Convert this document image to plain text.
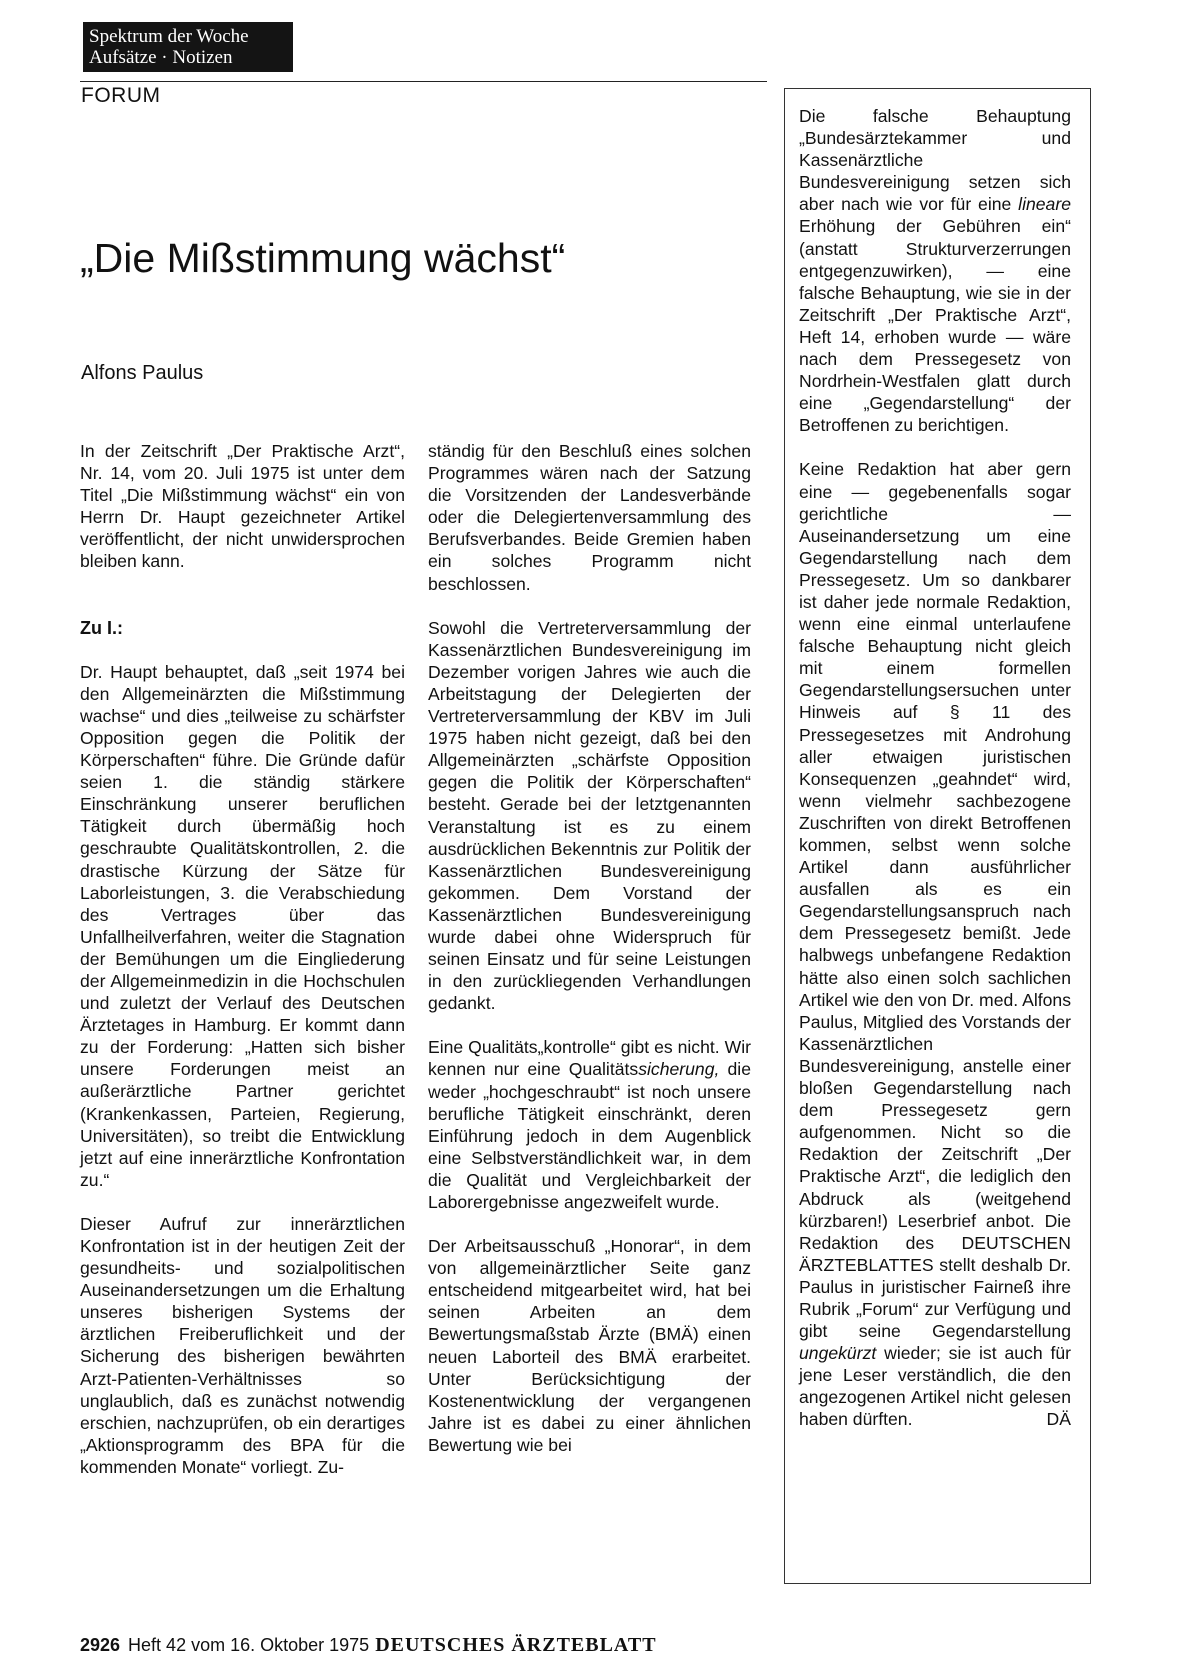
Spektrum der Woche
Aufsätze · Notizen
FORUM
„Die Mißstimmung wächst“
Alfons Paulus

In der Zeitschrift „Der Praktische Arzt“, Nr. 14, vom 20. Juli 1975 ist unter dem Titel „Die Mißstimmung wächst“ ein von Herrn Dr. Haupt gezeichneter Artikel veröffentlicht, der nicht unwidersprochen bleiben kann.

Zu I.:

Dr. Haupt behauptet, daß „seit 1974 bei den Allgemeinärzten die Mißstimmung wachse“ und dies „teilweise zu schärfster Opposition gegen die Politik der Körperschaften“ führe. Die Gründe dafür seien 1. die ständig stärkere Einschränkung unserer beruflichen Tätigkeit durch übermäßig hoch geschraubte Qualitätskontrollen, 2. die drastische Kürzung der Sätze für Laborleistungen, 3. die Verabschiedung des Vertrages über das Unfallheilverfahren, weiter die Stagnation der Bemühungen um die Eingliederung der Allgemeinmedizin in die Hochschulen und zuletzt der Verlauf des Deutschen Ärztetages in Hamburg. Er kommt dann zu der Forderung: „Hatten sich bisher unsere Forderungen meist an außerärztliche Partner gerichtet (Krankenkassen, Parteien, Regierung, Universitäten), so treibt die Entwicklung jetzt auf eine innerärztliche Konfrontation zu.“

Dieser Aufruf zur innerärztlichen Konfrontation ist in der heutigen Zeit der gesundheits- und sozialpolitischen Auseinandersetzungen um die Erhaltung unseres bisherigen Systems der ärztlichen Freiberuflichkeit und der Sicherung des bisherigen bewährten Arzt-Patienten-Verhältnisses so unglaublich, daß es zunächst notwendig erschien, nachzuprüfen, ob ein derartiges „Aktionsprogramm des BPA für die kommenden Monate“ vorliegt. Zu-

ständig für den Beschluß eines solchen Programmes wären nach der Satzung die Vorsitzenden der Landesverbände oder die Delegiertenversammlung des Berufsverbandes. Beide Gremien haben ein solches Programm nicht beschlossen.

Sowohl die Vertreterversammlung der Kassenärztlichen Bundesvereinigung im Dezember vorigen Jahres wie auch die Arbeitstagung der Delegierten der Vertreterversammlung der KBV im Juli 1975 haben nicht gezeigt, daß bei den Allgemeinärzten „schärfste Opposition gegen die Politik der Körperschaften“ besteht. Gerade bei der letztgenannten Veranstaltung ist es zu einem ausdrücklichen Bekenntnis zur Politik der Kassenärztlichen Bundesvereinigung gekommen. Dem Vorstand der Kassenärztlichen Bundesvereinigung wurde dabei ohne Widerspruch für seinen Einsatz und für seine Leistungen in den zurückliegenden Verhandlungen gedankt.

Eine Qualitäts„kontrolle“ gibt es nicht. Wir kennen nur eine Qualitätssicherung, die weder „hochgeschraubt“ ist noch unsere berufliche Tätigkeit einschränkt, deren Einführung jedoch in dem Augenblick eine Selbstverständlichkeit war, in dem die Qualität und Vergleichbarkeit der Laborergebnisse angezweifelt wurde.

Der Arbeitsausschuß „Honorar“, in dem von allgemeinärztlicher Seite ganz entscheidend mitgearbeitet wird, hat bei seinen Arbeiten an dem Bewertungsmaßstab Ärzte (BMÄ) einen neuen Laborteil des BMÄ erarbeitet. Unter Berücksichtigung der Kostenentwicklung der vergangenen Jahre ist es dabei zu einer ähnlichen Bewertung wie bei

Die falsche Behauptung „Bundesärztekammer und Kassenärztliche Bundesvereinigung setzen sich aber nach wie vor für eine lineare Erhöhung der Gebühren ein“ (anstatt Strukturverzerrungen entgegenzuwirken), — eine falsche Behauptung, wie sie in der Zeitschrift „Der Praktische Arzt“, Heft 14, erhoben wurde — wäre nach dem Pressegesetz von Nordrhein-Westfalen glatt durch eine „Gegendarstellung“ der Betroffenen zu berichtigen.

Keine Redaktion hat aber gern eine — gegebenenfalls sogar gerichtliche — Auseinandersetzung um eine Gegendarstellung nach dem Pressegesetz. Um so dankbarer ist daher jede normale Redaktion, wenn eine einmal unterlaufene falsche Behauptung nicht gleich mit einem formellen Gegendarstellungsersuchen unter Hinweis auf § 11 des Pressegesetzes mit Androhung aller etwaigen juristischen Konsequenzen „geahndet“ wird, wenn vielmehr sachbezogene Zuschriften von direkt Betroffenen kommen, selbst wenn solche Artikel dann ausführlicher ausfallen als es ein Gegendarstellungsanspruch nach dem Pressegesetz bemißt. Jede halbwegs unbefangene Redaktion hätte also einen solch sachlichen Artikel wie den von Dr. med. Alfons Paulus, Mitglied des Vorstands der Kassenärztlichen Bundesvereinigung, anstelle einer bloßen Gegendarstellung nach dem Pressegesetz gern aufgenommen. Nicht so die Redaktion der Zeitschrift „Der Praktische Arzt“, die lediglich den Abdruck als (weitgehend kürzbaren!) Leserbrief anbot. Die Redaktion des DEUTSCHEN ÄRZTEBLATTES stellt deshalb Dr. Paulus in juristischer Fairneß ihre Rubrik „Forum“ zur Verfügung und gibt seine Gegendarstellung ungekürzt wieder; sie ist auch für jene Leser verständlich, die den angezogenen Artikel nicht gelesen haben dürften.	DÄ

2926 Heft 42 vom 16. Oktober 1975 DEUTSCHES ÄRZTEBLATT
